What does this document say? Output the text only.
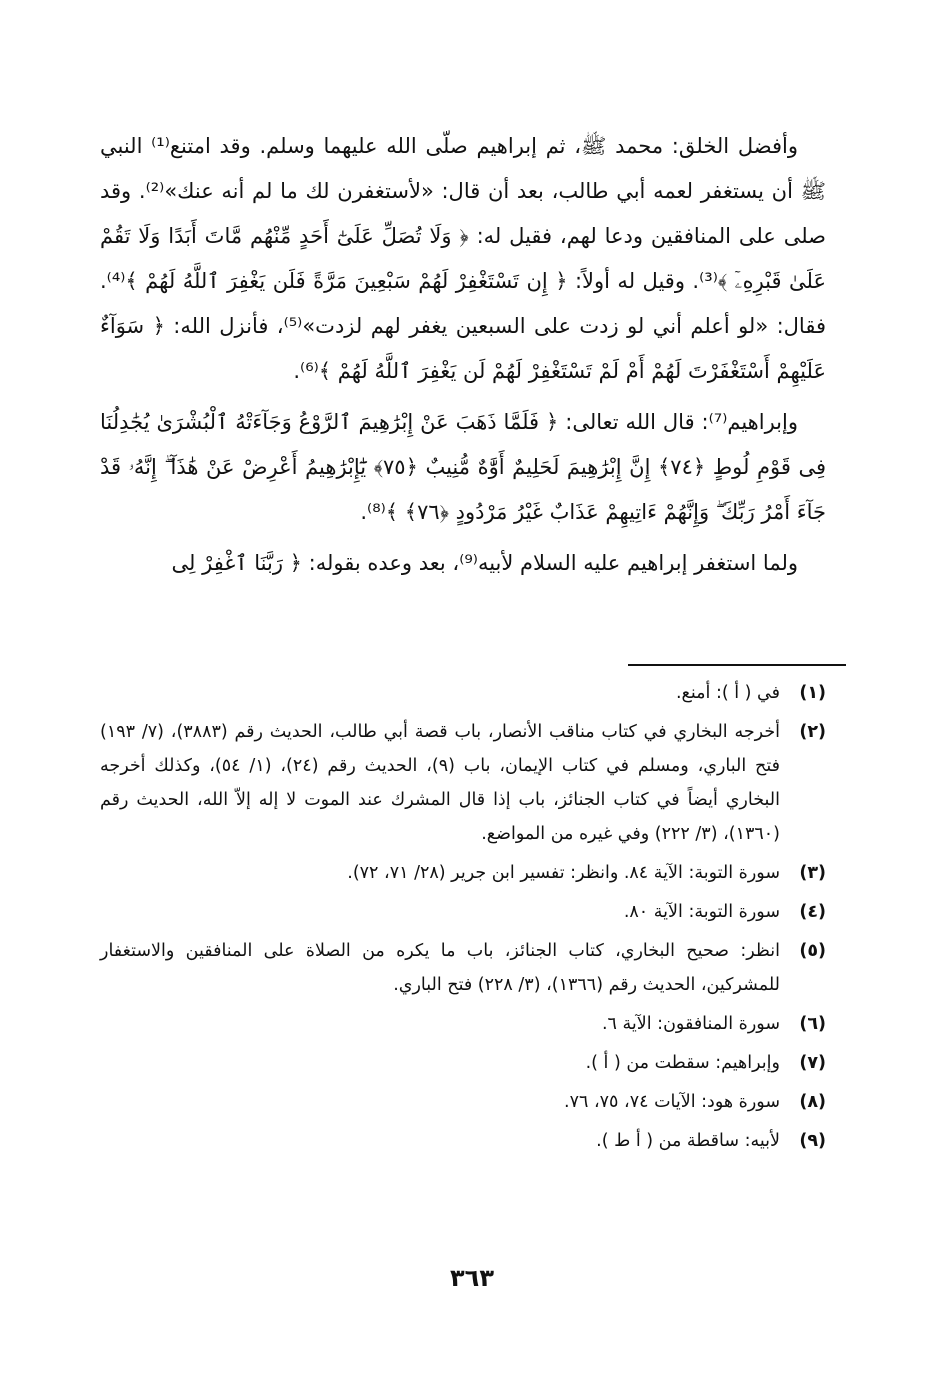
وأفضل الخلق: محمد ﷺ، ثم إبراهيم صلّى الله عليهما وسلم. وقد امتنع⁽¹⁾ النبي ﷺ أن يستغفر لعمه أبي طالب، بعد أن قال: «لأستغفرن لك ما لم أنه عنك»⁽²⁾. وقد صلى على المنافقين ودعا لهم، فقيل له: ﴿ وَلَا تُصَلِّ عَلَىٰٓ أَحَدٍ مِّنْهُم مَّاتَ أَبَدًا وَلَا تَقُمْ عَلَىٰ قَبْرِهِۦٓ ﴾⁽³⁾. وقيل له أولاً: ﴿ إِن تَسْتَغْفِرْ لَهُمْ سَبْعِينَ مَرَّةً فَلَن يَغْفِرَ ٱللَّهُ لَهُمْ ﴾⁽⁴⁾. فقال: «لو أعلم أني لو زدت على السبعين يغفر لهم لزدت»⁽⁵⁾، فأنزل الله: ﴿ سَوَآءٌ عَلَيْهِمْ أَسْتَغْفَرْتَ لَهُمْ أَمْ لَمْ تَسْتَغْفِرْ لَهُمْ لَن يَغْفِرَ ٱللَّهُ لَهُمْ ﴾⁽⁶⁾.

وإبراهيم⁽⁷⁾: قال الله تعالى: ﴿ فَلَمَّا ذَهَبَ عَنْ إِبْرَٰهِيمَ ٱلرَّوْعُ وَجَآءَتْهُ ٱلْبُشْرَىٰ يُجَٰدِلُنَا فِى قَوْمِ لُوطٍ ﴿٧٤﴾ إِنَّ إِبْرَٰهِيمَ لَحَلِيمٌ أَوَّٰهٌ مُّنِيبٌ ﴿٧٥﴾ يَٰٓإِبْرَٰهِيمُ أَعْرِضْ عَنْ هَٰذَآ ۖ إِنَّهُۥ قَدْ جَآءَ أَمْرُ رَبِّكَ ۖ وَإِنَّهُمْ ءَاتِيهِمْ عَذَابٌ غَيْرُ مَرْدُودٍ ﴿٧٦﴾ ﴾⁽⁸⁾.

ولما استغفر إبراهيم عليه السلام لأبيه⁽⁹⁾، بعد وعده بقوله: ﴿ رَبَّنَا ٱغْفِرْ لِى

(١)
في ( أ ): أمنع.
(٢)
أخرجه البخاري في كتاب مناقب الأنصار، باب قصة أبي طالب، الحديث رقم (٣٨٨٣)، (٧/ ١٩٣) فتح الباري، ومسلم في كتاب الإيمان، باب (٩)، الحديث رقم (٢٤)، (١/ ٥٤)، وكذلك أخرجه البخاري أيضاً في كتاب الجنائز، باب إذا قال المشرك عند الموت لا إله إلاّ الله، الحديث رقم (١٣٦٠)، (٣/ ٢٢٢) وفي غيره من المواضع.
(٣)
سورة التوبة: الآية ٨٤. وانظر: تفسير ابن جرير (٢٨/ ٧١، ٧٢).
(٤)
سورة التوبة: الآية ٨٠.
(٥)
انظر: صحيح البخاري، كتاب الجنائز، باب ما يكره من الصلاة على المنافقين والاستغفار للمشركين، الحديث رقم (١٣٦٦)، (٣/ ٢٢٨) فتح الباري.
(٦)
سورة المنافقون: الآية ٦.
(٧)
وإبراهيم: سقطت من ( أ ).
(٨)
سورة هود: الآيات ٧٤، ٧٥، ٧٦.
(٩)
لأبيه: ساقطة من ( أ ط ).
٣٦٣
